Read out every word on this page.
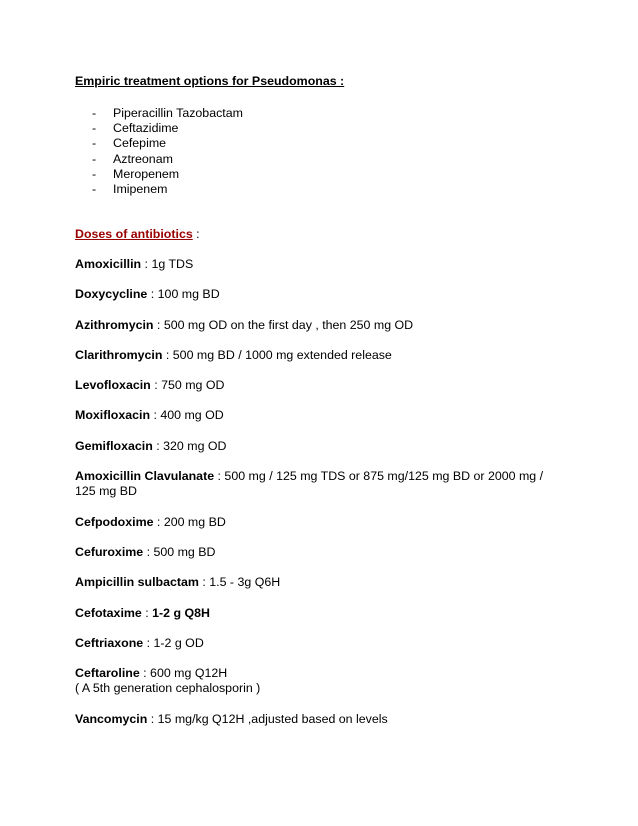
Empiric treatment options for Pseudomonas :
- Piperacillin Tazobactam
- Ceftazidime
- Cefepime
- Aztreonam
- Meropenem
- Imipenem
Doses of antibiotics :
Amoxicillin : 1g TDS
Doxycycline : 100 mg BD
Azithromycin : 500 mg OD on the first day , then 250 mg OD
Clarithromycin : 500 mg BD / 1000 mg extended release
Levofloxacin : 750 mg OD
Moxifloxacin : 400 mg OD
Gemifloxacin : 320 mg OD
Amoxicillin Clavulanate : 500 mg / 125 mg TDS or 875 mg/125 mg BD or 2000 mg / 125 mg BD
Cefpodoxime : 200 mg BD
Cefuroxime : 500 mg BD
Ampicillin sulbactam : 1.5 - 3g Q6H
Cefotaxime : 1-2 g Q8H
Ceftriaxone : 1-2 g OD
Ceftaroline : 600 mg Q12H
( A 5th generation cephalosporin )
Vancomycin : 15 mg/kg Q12H ,adjusted based on levels
